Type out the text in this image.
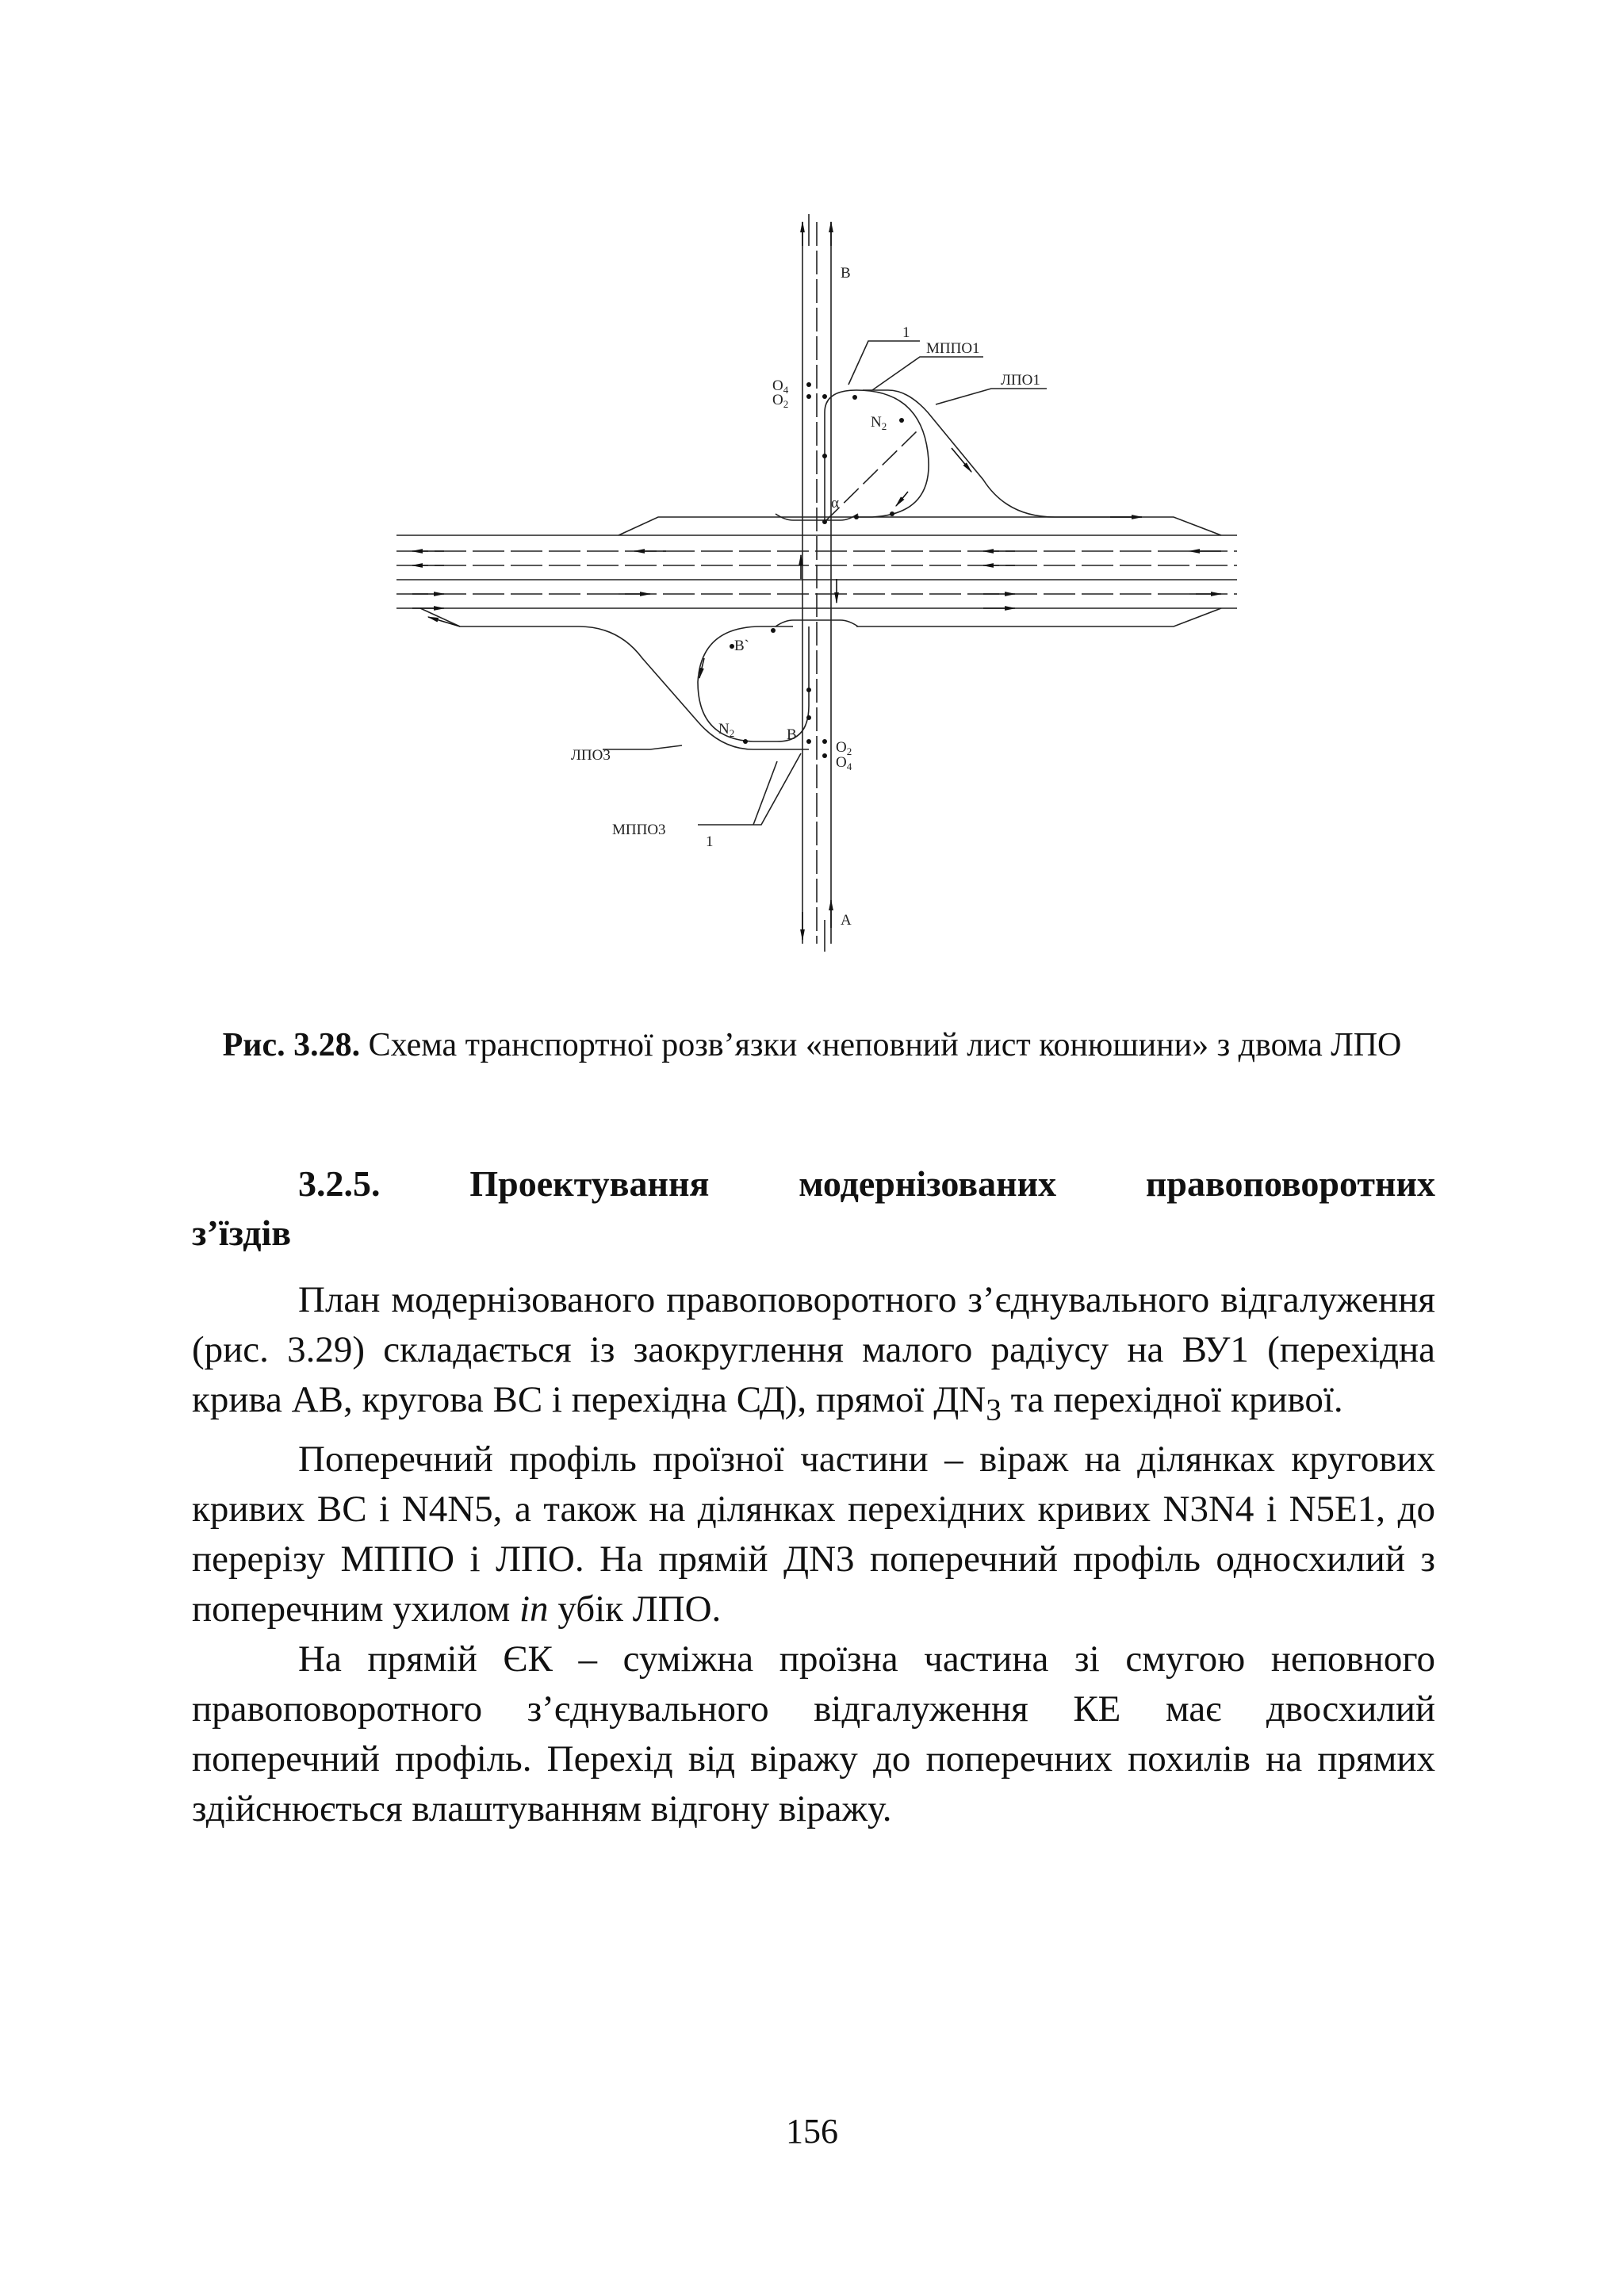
В
1
МППО1
ЛПО1
$O_4$
$O_2$
$N_2$
α
В`
$N_2$	В
$O_2$
$O_4$
ЛПО3
МППО3
1
А
Рис. 3.28. Схема транспортної розв’язки «неповний лист конюшини» з двома ЛПО
3.2.5. Проектування модернізованих правоповоротних
з’їздів

План модернізованого правоповоротного з’єднувального відгалуження (рис. 3.29) складається із заокруглення малого радіусу на ВУ1 (перехідна крива АВ, кругова ВС і перехідна СД), прямої $ДN_3$ та перехідної кривої.

Поперечний профіль проїзної частини – віраж на ділянках кругових кривих ВС і N4N5, а також на ділянках перехідних кривих N3N4 і N5E1, до перерізу МППО і ЛПО. На прямій ДN3 поперечний профіль односхилий з поперечним ухилом in убік ЛПО.

На прямій ЄК – суміжна проїзна частина зі смугою неповного правоповоротного з’єднувального відгалуження КЕ має двосхилий поперечний профіль. Перехід від віражу до поперечних похилів на прямих здійснюється влаштуванням відгону віражу.

156
